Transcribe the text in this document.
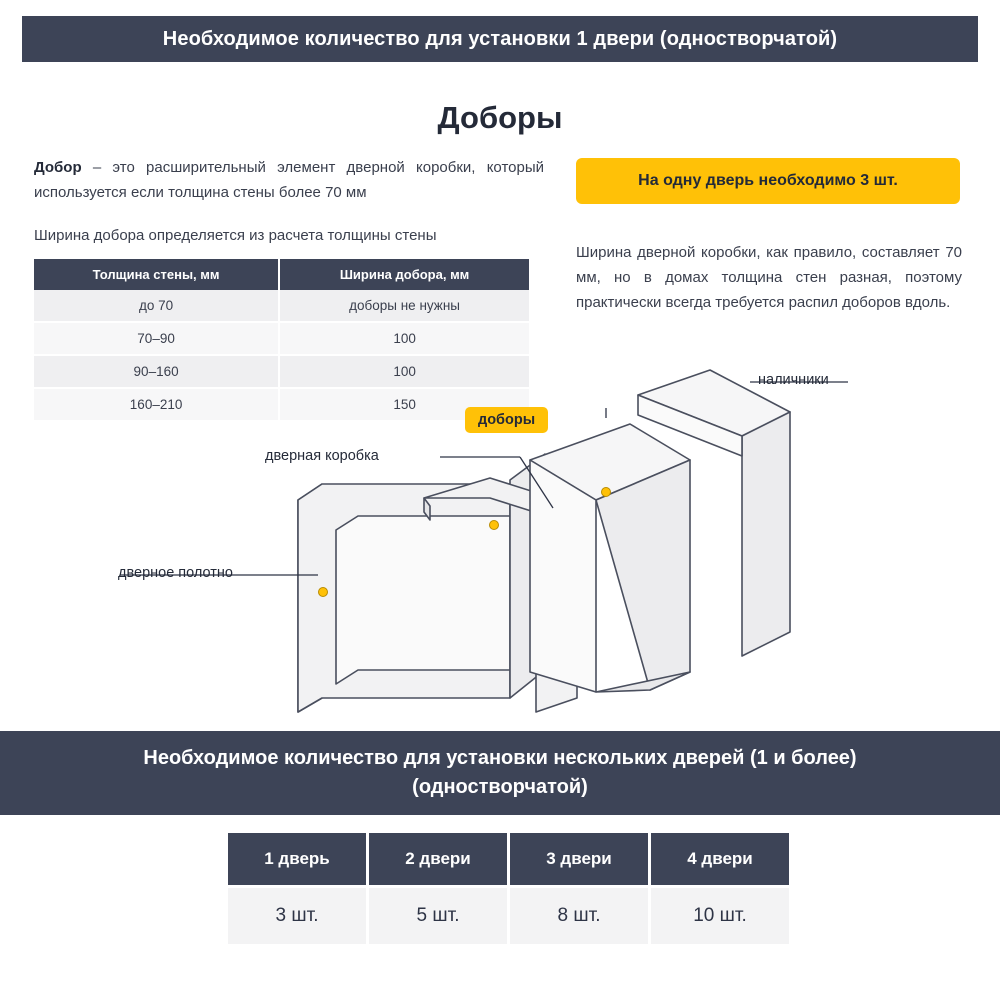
Необходимое количество для установки 1 двери (одностворчатой)
Доборы
Добор – это расширительный элемент дверной коробки, который используется если толщина стены более 70 мм
Ширина добора определяется из расчета толщины стены
Толщина стены, мм	Ширина добора, мм
до 70	доборы не нужны
70–90	100
90–160	100
160–210	150
На одну дверь необходимо 3 шт.
Ширина дверной коробки, как правило, составляет 70 мм, но в домах толщина стен разная, поэтому практически всегда требуется распил доборов вдоль.
наличники
доборы
дверная коробка
дверное полотно
Необходимое количество для установки нескольких дверей (1 и более)
(одностворчатой)
1 дверь	2 двери	3 двери	4 двери
3 шт.	5 шт.	8 шт.	10 шт.
